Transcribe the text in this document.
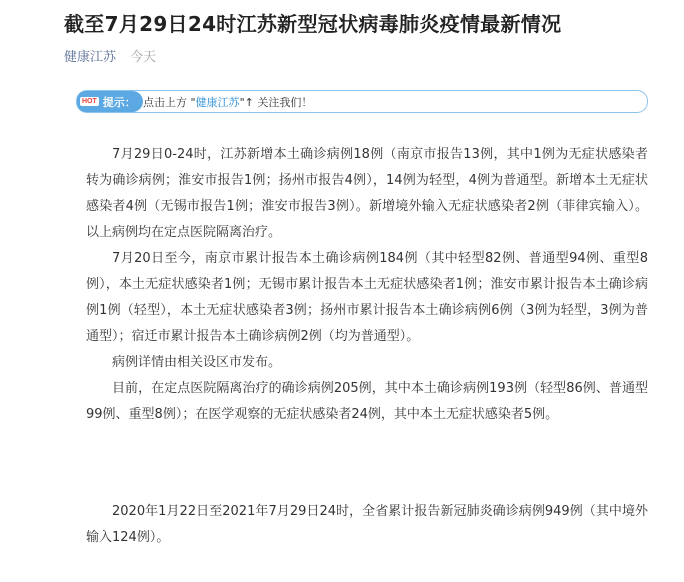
截至7月29日24时江苏新型冠状病毒肺炎疫情最新情况
健康江苏 今天
HOT 提示： 点击上方 "健康江苏"↑ 关注我们！

7月29日0-24时，江苏新增本土确诊病例18例（南京市报告13例，其中1例为无症状感染者转为确诊病例；淮安市报告1例；扬州市报告4例），14例为轻型，4例为普通型。新增本土无症状感染者4例（无锡市报告1例；淮安市报告3例）。新增境外输入无症状感染者2例（菲律宾输入）。以上病例均在定点医院隔离治疗。

7月20日至今，南京市累计报告本土确诊病例184例（其中轻型82例、普通型94例、重型8例），本土无症状感染者1例；无锡市累计报告本土无症状感染者1例；淮安市累计报告本土确诊病例1例（轻型），本土无症状感染者3例；扬州市累计报告本土确诊病例6例（3例为轻型，3例为普通型）；宿迁市累计报告本土确诊病例2例（均为普通型）。

病例详情由相关设区市发布。

目前，在定点医院隔离治疗的确诊病例205例，其中本土确诊病例193例（轻型86例、普通型99例、重型8例）；在医学观察的无症状感染者24例，其中本土无症状感染者5例。

2020年1月22日至2021年7月29日24时，全省累计报告新冠肺炎确诊病例949例（其中境外输入124例）。
